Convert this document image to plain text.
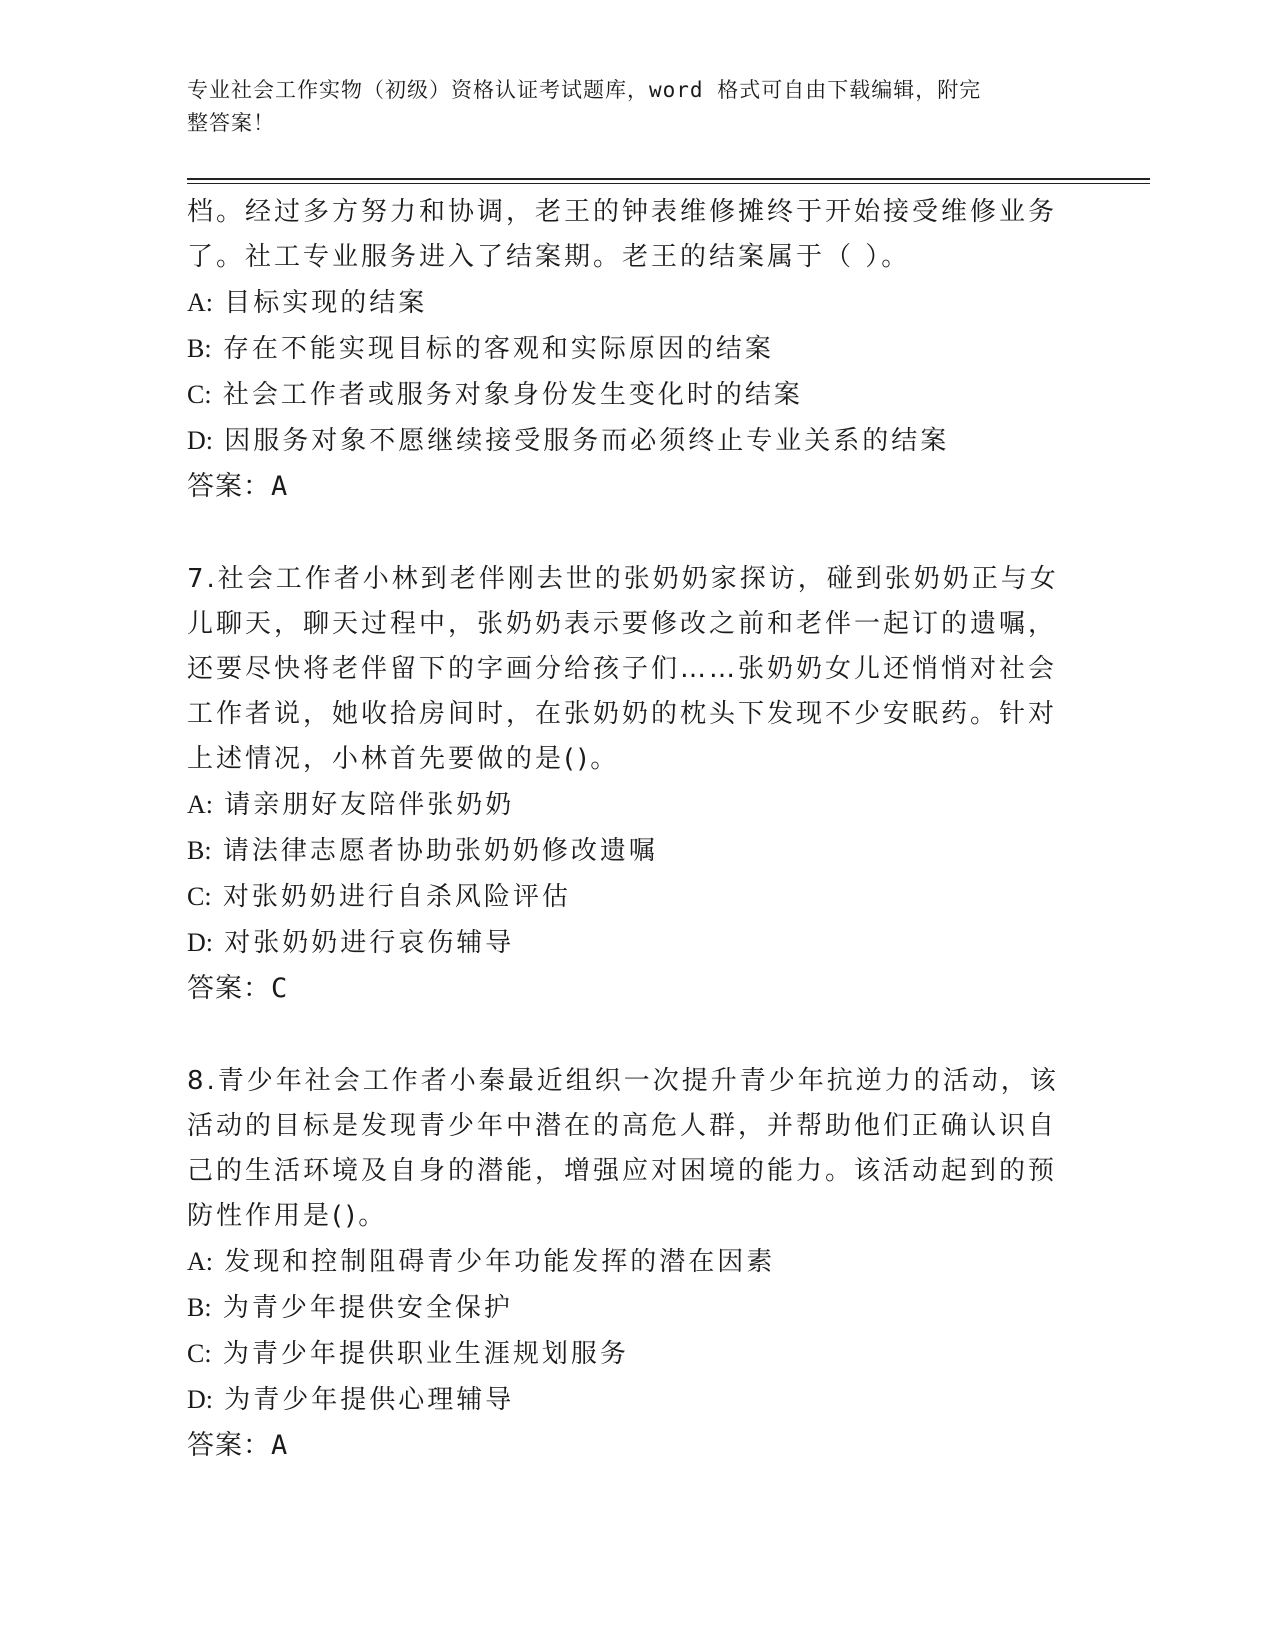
专业社会工作实物（初级）资格认证考试题库，word 格式可自由下载编辑，附完
整答案！
档。经过多方努力和协调，老王的钟表维修摊终于开始接受维修业务
了。社工专业服务进入了结案期。老王的结案属于（ ）。
A: 目标实现的结案
B: 存在不能实现目标的客观和实际原因的结案
C: 社会工作者或服务对象身份发生变化时的结案
D: 因服务对象不愿继续接受服务而必须终止专业关系的结案
答案：A
7.社会工作者小林到老伴刚去世的张奶奶家探访，碰到张奶奶正与女
儿聊天，聊天过程中，张奶奶表示要修改之前和老伴一起订的遗嘱，
还要尽快将老伴留下的字画分给孩子们……张奶奶女儿还悄悄对社会
工作者说，她收拾房间时，在张奶奶的枕头下发现不少安眠药。针对
上述情况，小林首先要做的是()。
A: 请亲朋好友陪伴张奶奶
B: 请法律志愿者协助张奶奶修改遗嘱
C: 对张奶奶进行自杀风险评估
D: 对张奶奶进行哀伤辅导
答案：C
8.青少年社会工作者小秦最近组织一次提升青少年抗逆力的活动，该
活动的目标是发现青少年中潜在的高危人群，并帮助他们正确认识自
己的生活环境及自身的潜能，增强应对困境的能力。该活动起到的预
防性作用是()。
A: 发现和控制阻碍青少年功能发挥的潜在因素
B: 为青少年提供安全保护
C: 为青少年提供职业生涯规划服务
D: 为青少年提供心理辅导
答案：A
